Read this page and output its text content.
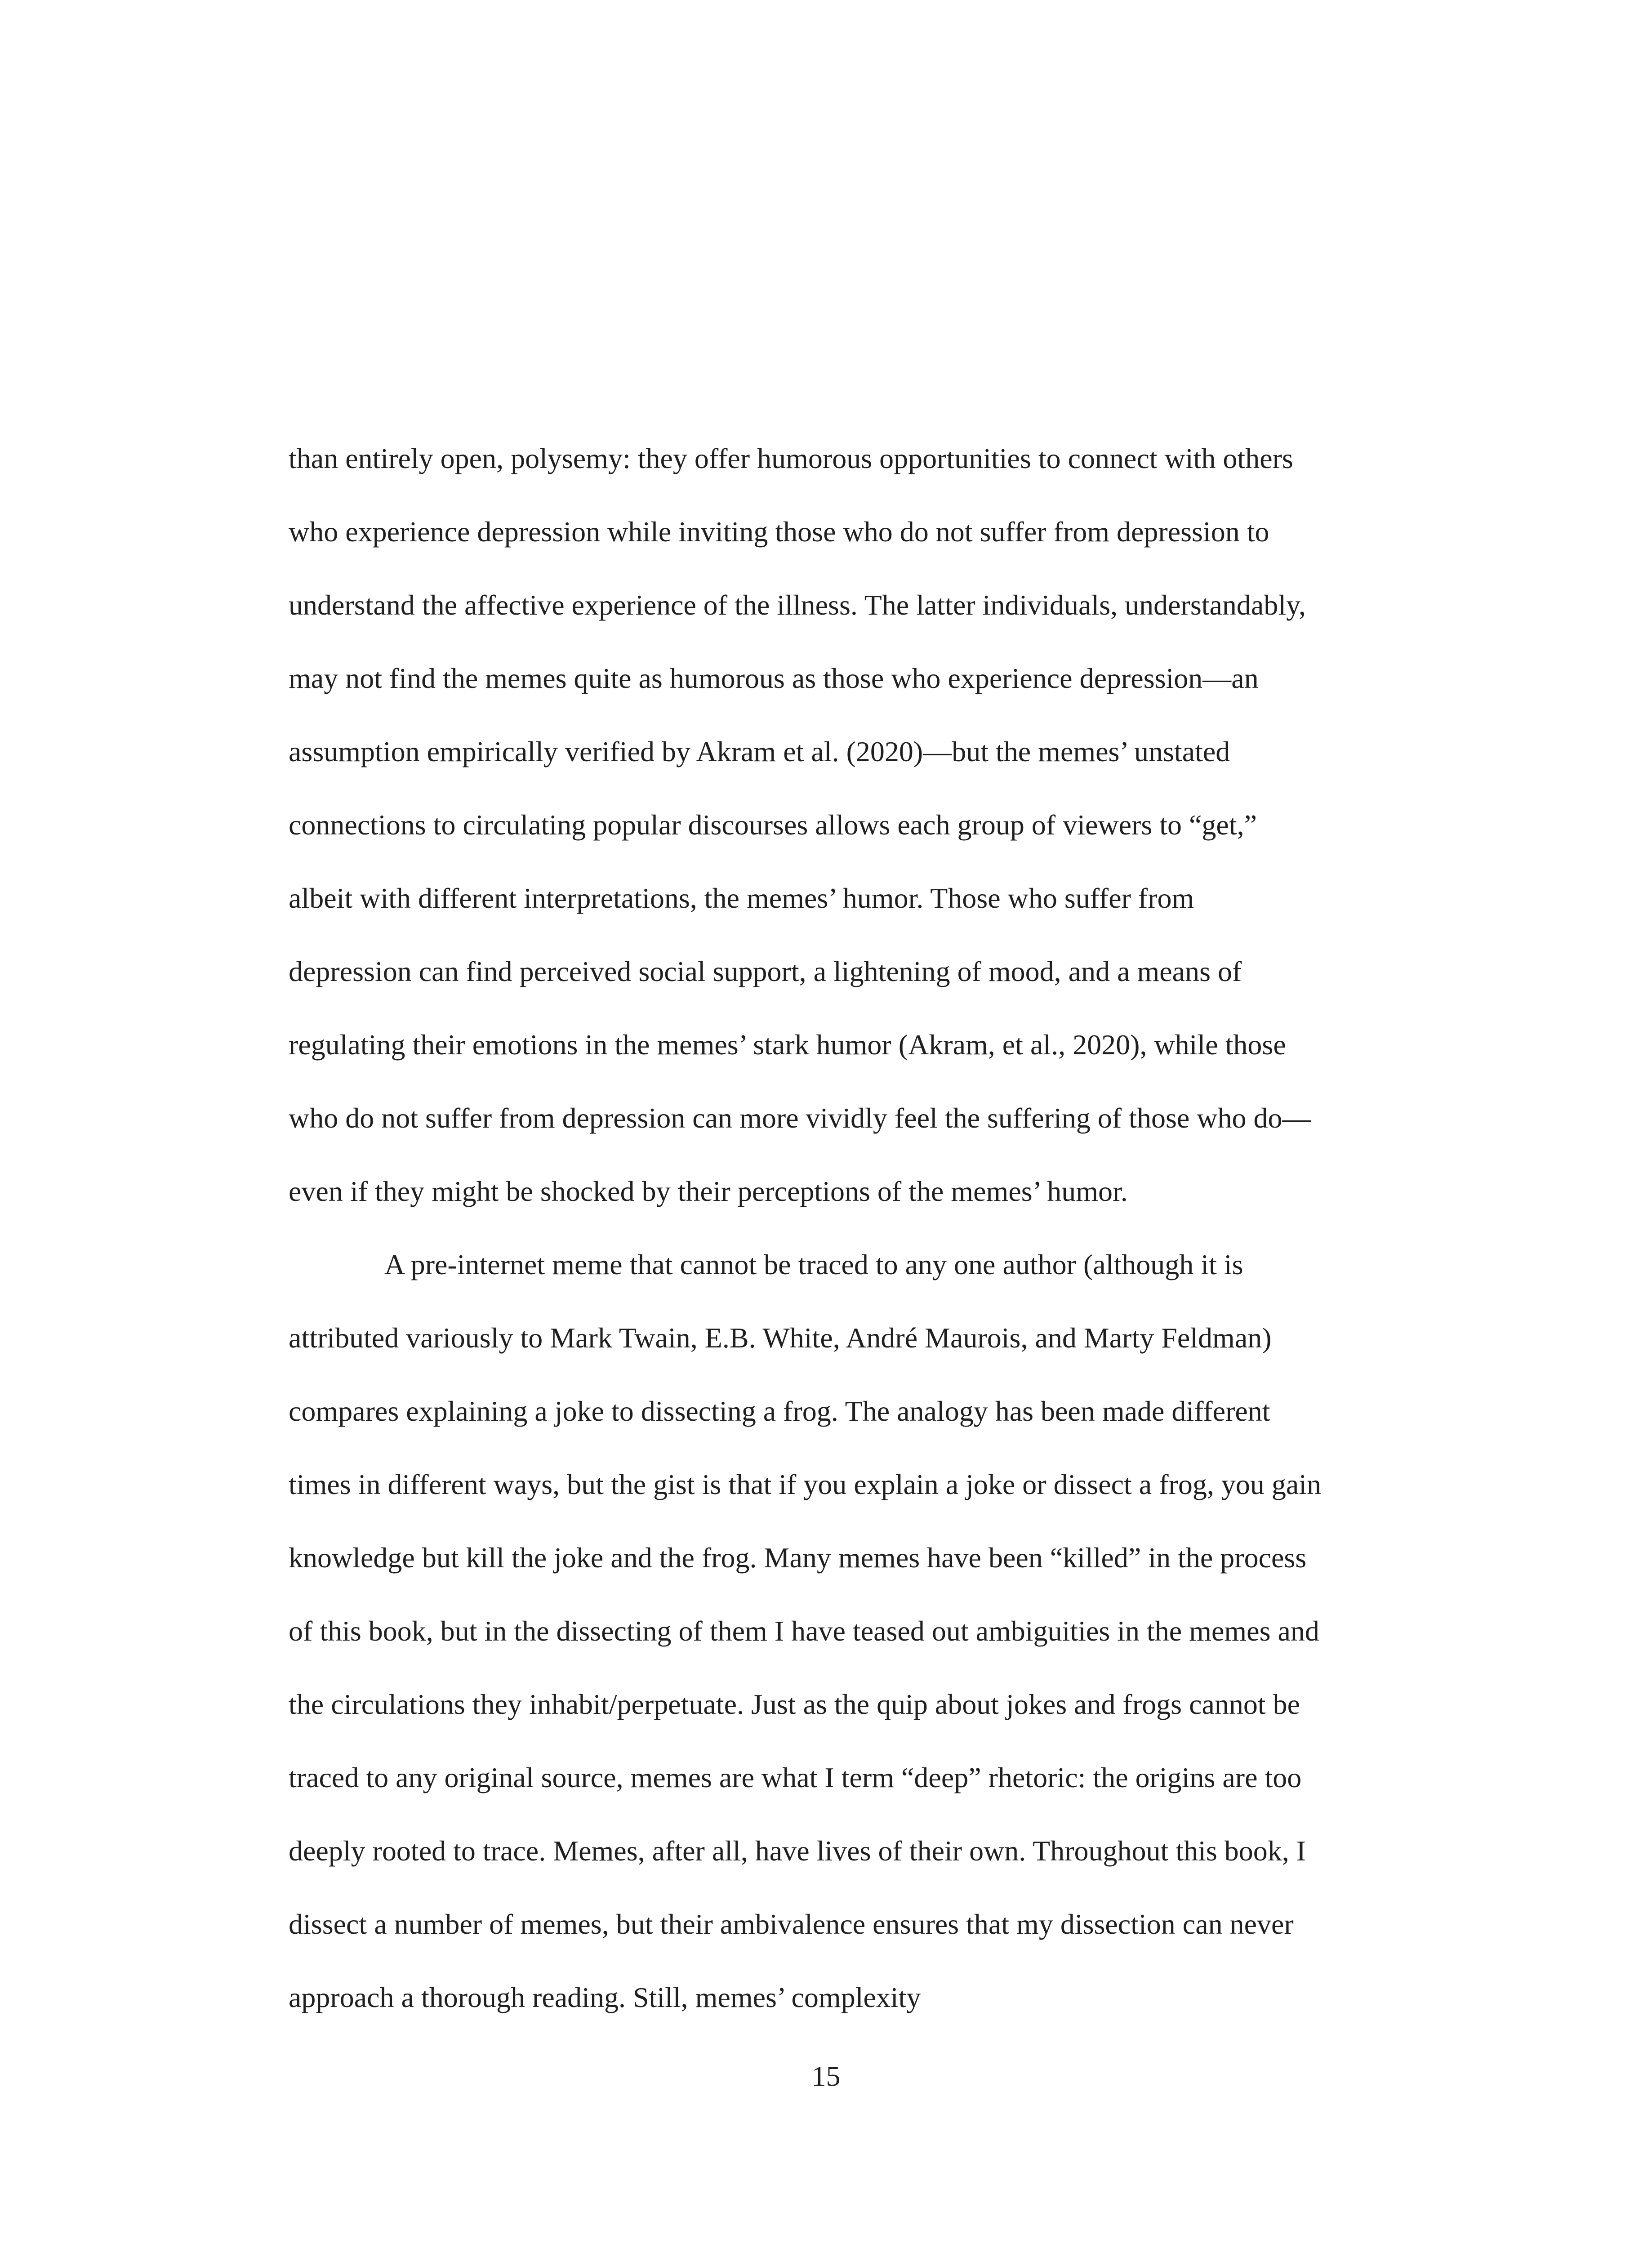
than entirely open, polysemy: they offer humorous opportunities to connect with others

who experience depression while inviting those who do not suffer from depression to

understand the affective experience of the illness. The latter individuals, understandably,

may not find the memes quite as humorous as those who experience depression—an

assumption empirically verified by Akram et al. (2020)—but the memes’ unstated

connections to circulating popular discourses allows each group of viewers to “get,”

albeit with different interpretations, the memes’ humor. Those who suffer from

depression can find perceived social support, a lightening of mood, and a means of

regulating their emotions in the memes’ stark humor (Akram, et al., 2020), while those

who do not suffer from depression can more vividly feel the suffering of those who do—

even if they might be shocked by their perceptions of the memes’ humor.

A pre-internet meme that cannot be traced to any one author (although it is

attributed variously to Mark Twain, E.B. White, André Maurois, and Marty Feldman)

compares explaining a joke to dissecting a frog. The analogy has been made different

times in different ways, but the gist is that if you explain a joke or dissect a frog, you gain

knowledge but kill the joke and the frog. Many memes have been “killed” in the process

of this book, but in the dissecting of them I have teased out ambiguities in the memes and

the circulations they inhabit/perpetuate. Just as the quip about jokes and frogs cannot be

traced to any original source, memes are what I term “deep” rhetoric: the origins are too

deeply rooted to trace. Memes, after all, have lives of their own. Throughout this book, I

dissect a number of memes, but their ambivalence ensures that my dissection can never

approach a thorough reading. Still, memes’ complexity

15
